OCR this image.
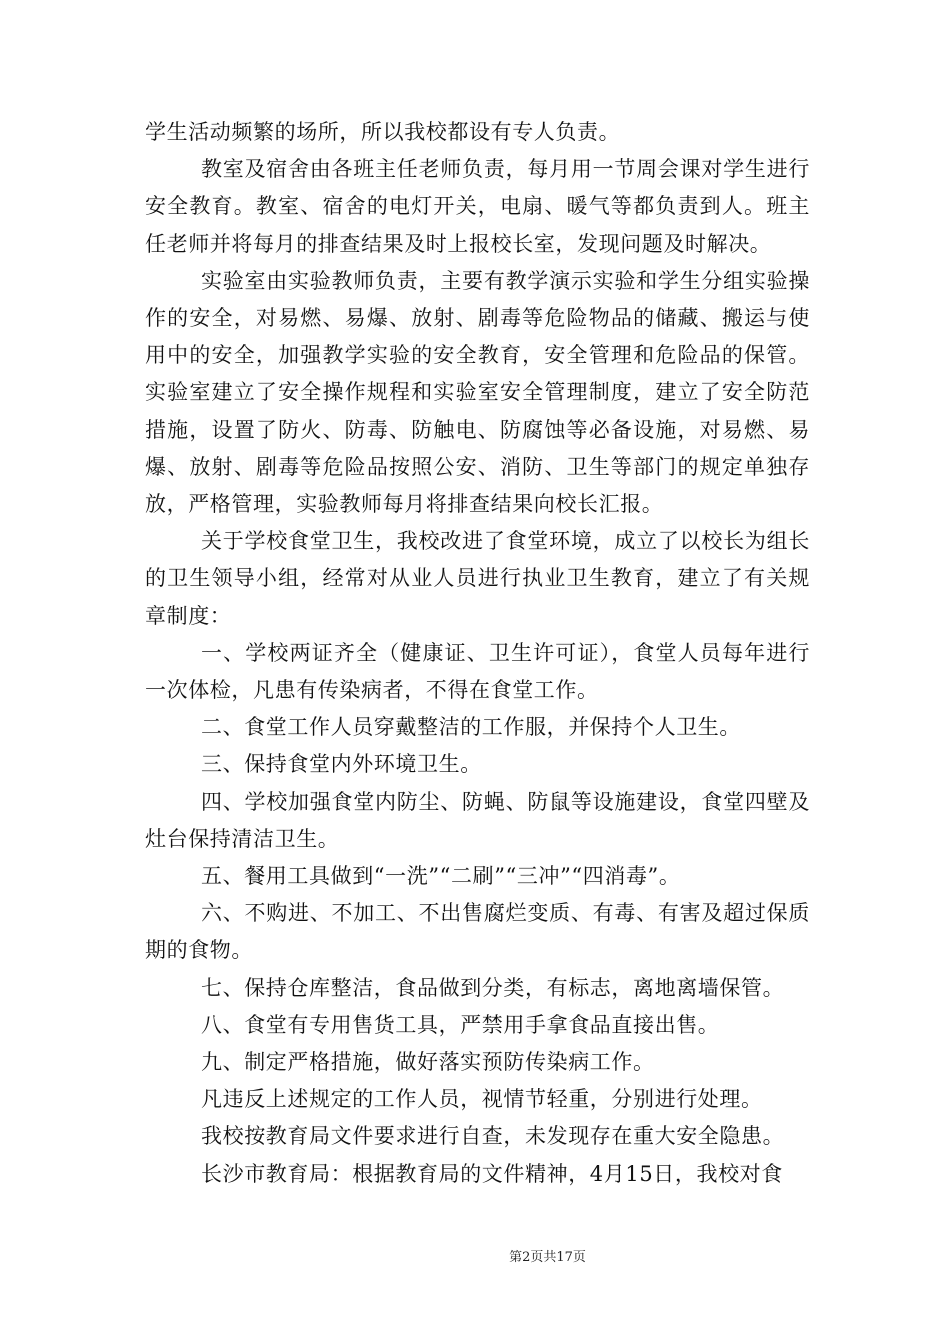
学生活动频繁的场所，所以我校都设有专人负责。

教室及宿舍由各班主任老师负责，每月用一节周会课对学生进行安全教育。教室、宿舍的电灯开关，电扇、暖气等都负责到人。班主任老师并将每月的排查结果及时上报校长室，发现问题及时解决。

实验室由实验教师负责，主要有教学演示实验和学生分组实验操作的安全，对易燃、易爆、放射、剧毒等危险物品的储藏、搬运与使用中的安全，加强教学实验的安全教育，安全管理和危险品的保管。实验室建立了安全操作规程和实验室安全管理制度，建立了安全防范措施，设置了防火、防毒、防触电、防腐蚀等必备设施，对易燃、易爆、放射、剧毒等危险品按照公安、消防、卫生等部门的规定单独存放，严格管理，实验教师每月将排查结果向校长汇报。

关于学校食堂卫生，我校改进了食堂环境，成立了以校长为组长的卫生领导小组，经常对从业人员进行执业卫生教育，建立了有关规章制度：

一、学校两证齐全（健康证、卫生许可证），食堂人员每年进行一次体检，凡患有传染病者，不得在食堂工作。

二、食堂工作人员穿戴整洁的工作服，并保持个人卫生。

三、保持食堂内外环境卫生。

四、学校加强食堂内防尘、防蝇、防鼠等设施建设，食堂四壁及灶台保持清洁卫生。

五、餐用工具做到“一洗”“二刷”“三冲”“四消毒”。

六、不购进、不加工、不出售腐烂变质、有毒、有害及超过保质期的食物。

七、保持仓库整洁，食品做到分类，有标志，离地离墙保管。

八、食堂有专用售货工具，严禁用手拿食品直接出售。

九、制定严格措施，做好落实预防传染病工作。

凡违反上述规定的工作人员，视情节轻重，分别进行处理。

我校按教育局文件要求进行自查，未发现存在重大安全隐患。

长沙市教育局：根据教育局的文件精神，4月15日，我校对食

第2页共17页
